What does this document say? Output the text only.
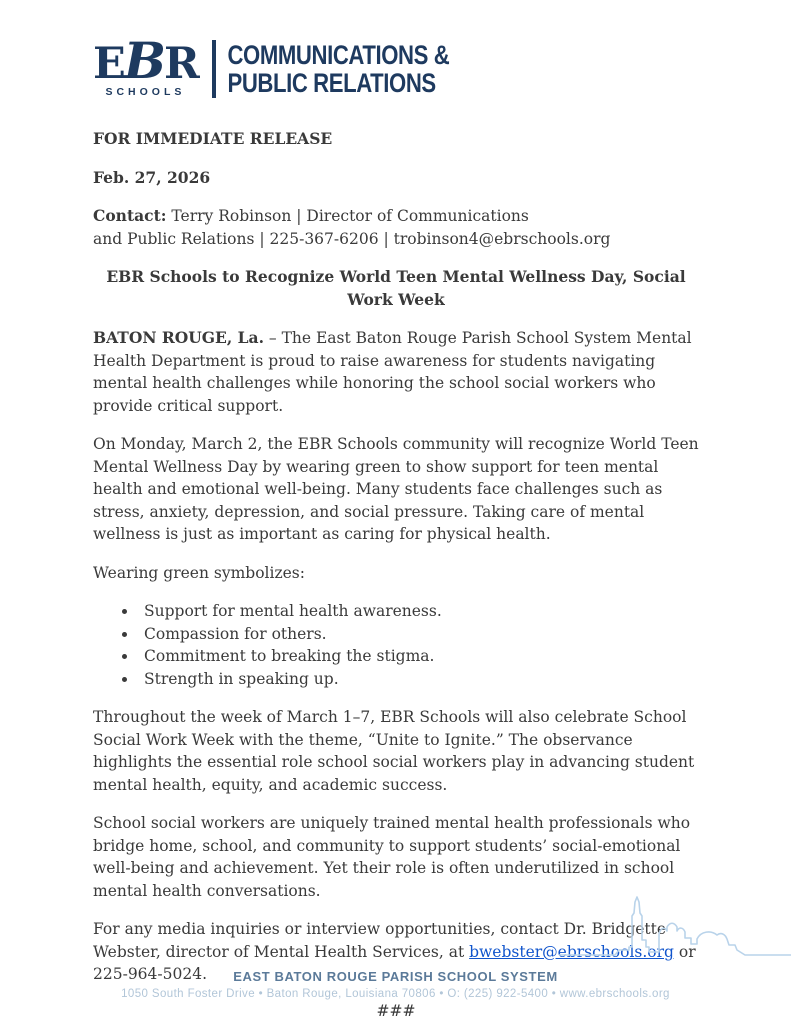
EBR
SCHOOLS
COMMUNICATIONS &
PUBLIC RELATIONS

FOR IMMEDIATE RELEASE

Feb. 27, 2026

Contact: Terry Robinson | Director of Communications
and Public Relations | 225-367-6206 | trobinson4@ebrschools.org

EBR Schools to Recognize World Teen Mental Wellness Day, Social Work Week

BATON ROUGE, La. – The East Baton Rouge Parish School System Mental Health Department is proud to raise awareness for students navigating mental health challenges while honoring the school social workers who provide critical support.

On Monday, March 2, the EBR Schools community will recognize World Teen Mental Wellness Day by wearing green to show support for teen mental health and emotional well-being. Many students face challenges such as stress, anxiety, depression, and social pressure. Taking care of mental wellness is just as important as caring for physical health.

Wearing green symbolizes:

• Support for mental health awareness.
• Compassion for others.
• Commitment to breaking the stigma.
• Strength in speaking up.

Throughout the week of March 1–7, EBR Schools will also celebrate School Social Work Week with the theme, “Unite to Ignite.” The observance highlights the essential role school social workers play in advancing student mental health, equity, and academic success.

School social workers are uniquely trained mental health professionals who bridge home, school, and community to support students’ social-emotional well-being and achievement. Yet their role is often underutilized in school mental health conversations.

For any media inquiries or interview opportunities, contact Dr. Bridgette Webster, director of Mental Health Services, at bwebster@ebrschools.org or 225-964-5024.

###
EAST BATON ROUGE PARISH SCHOOL SYSTEM
1050 South Foster Drive • Baton Rouge, Louisiana 70806 • O: (225) 922-5400 • www.ebrschools.org
